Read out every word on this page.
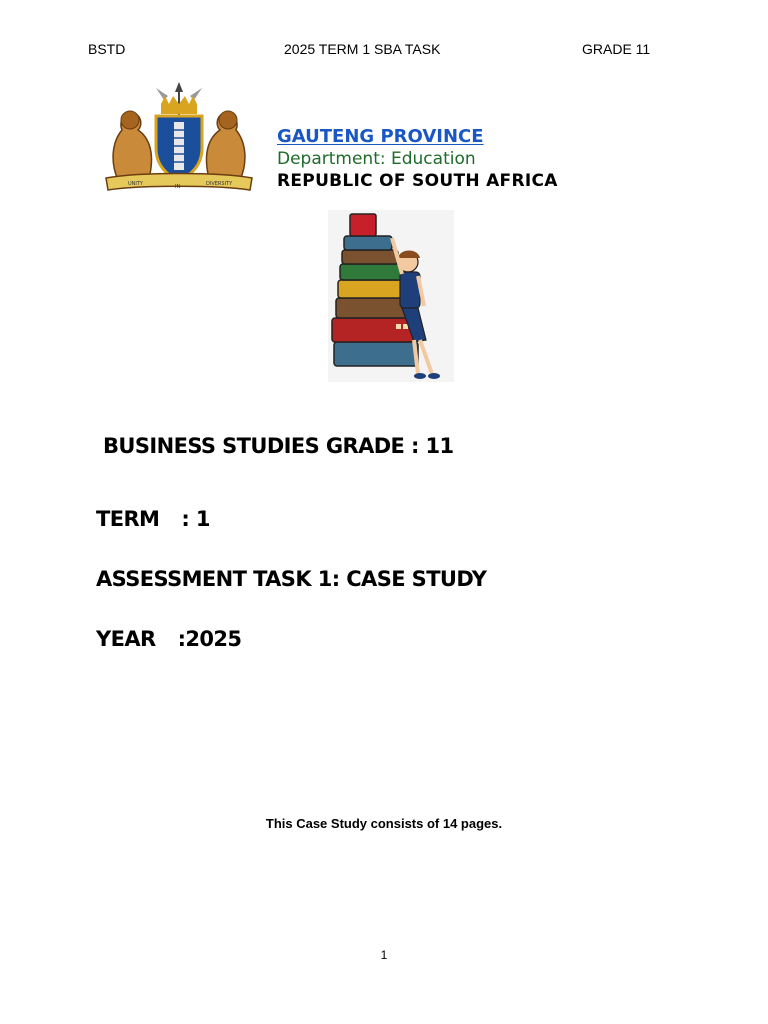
BSTD	2025 TERM 1 SBA TASK	GRADE 11
UNITY	IN	DIVERSITY
GAUTENG PROVINCE
Department: Education
REPUBLIC OF SOUTH AFRICA
BUSINESS STUDIES GRADE : 11
TERM : 1
ASSESSMENT TASK 1: CASE STUDY
YEAR :2025
This Case Study consists of 14 pages.
1
